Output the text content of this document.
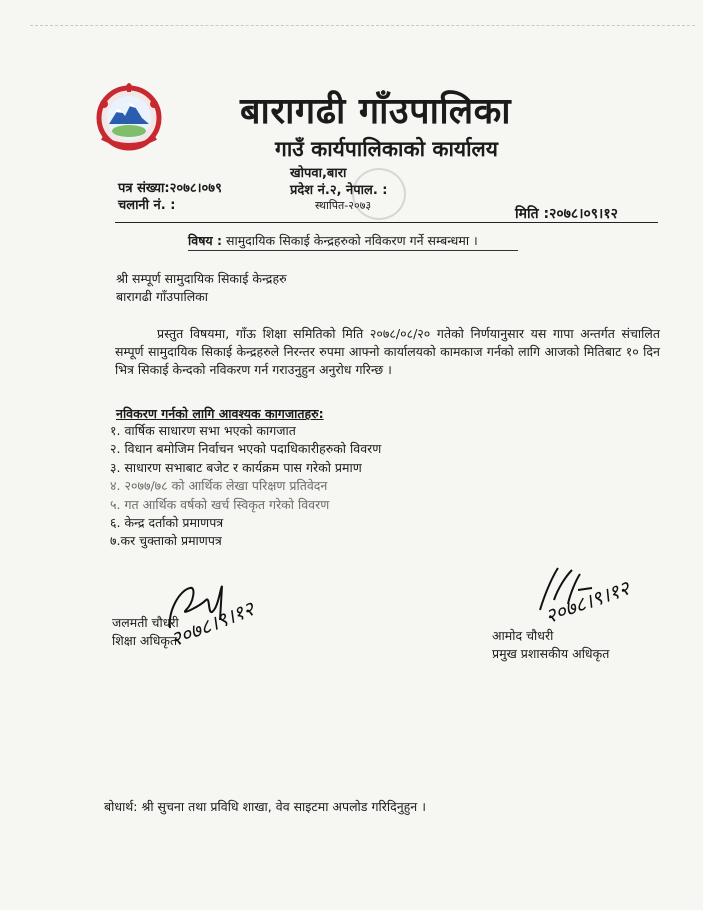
बारागढी गाँउपालिका
गाउँ कार्यपालिकाको कार्यालय
खोपवा,बारा
प्रदेश नं.२, नेपाल. :
स्थापित-२०७३
पत्र संख्या:२०७८।०७९
चलानी नं. :
मिति :२०७८।०९।१२
विषय : सामुदायिक सिकाई केन्द्रहरुको नविकरण गर्ने सम्बन्धमा ।
श्री सम्पूर्ण सामुदायिक सिकाई केन्द्रहरु
बारागढी गाँउपालिका
प्रस्तुत विषयमा, गाँऊ शिक्षा समितिको मिति २०७८/०८/२० गतेको निर्णयानुसार यस गापा अन्तर्गत संचालित सम्पूर्ण सामुदायिक सिकाई केन्द्रहरुले निरन्तर रुपमा आफ्नो कार्यालयको कामकाज गर्नको लागि आजको मितिबाट १० दिन भित्र सिकाई केन्दको नविकरण गर्न गराउनुहुन अनुरोध गरिन्छ ।
नविकरण गर्नको लागि आवश्यक कागजातहरु:
१. वार्षिक साधारण सभा भएको कागजात
२. विधान बमोजिम निर्वाचन भएको पदाधिकारीहरुको विवरण
३. साधारण सभाबाट बजेट र कार्यक्रम पास गरेको प्रमाण
४. २०७७/७८ को आर्थिक लेखा परिक्षण प्रतिवेदन
५. गत आर्थिक वर्षको खर्च स्विकृत गरेको विवरण
६. केन्द्र दर्ताको प्रमाणपत्र
७.कर चुक्ताको प्रमाणपत्र
२०७८।९।१२
जलमती चौधरी
शिक्षा अधिकृत
२०७८।९।१२
आमोद चौधरी
प्रमुख प्रशासकीय अधिकृत
बोधार्थ: श्री सुचना तथा प्रविधि शाखा, वेव साइटमा अपलोड गरिदिनुहुन ।
